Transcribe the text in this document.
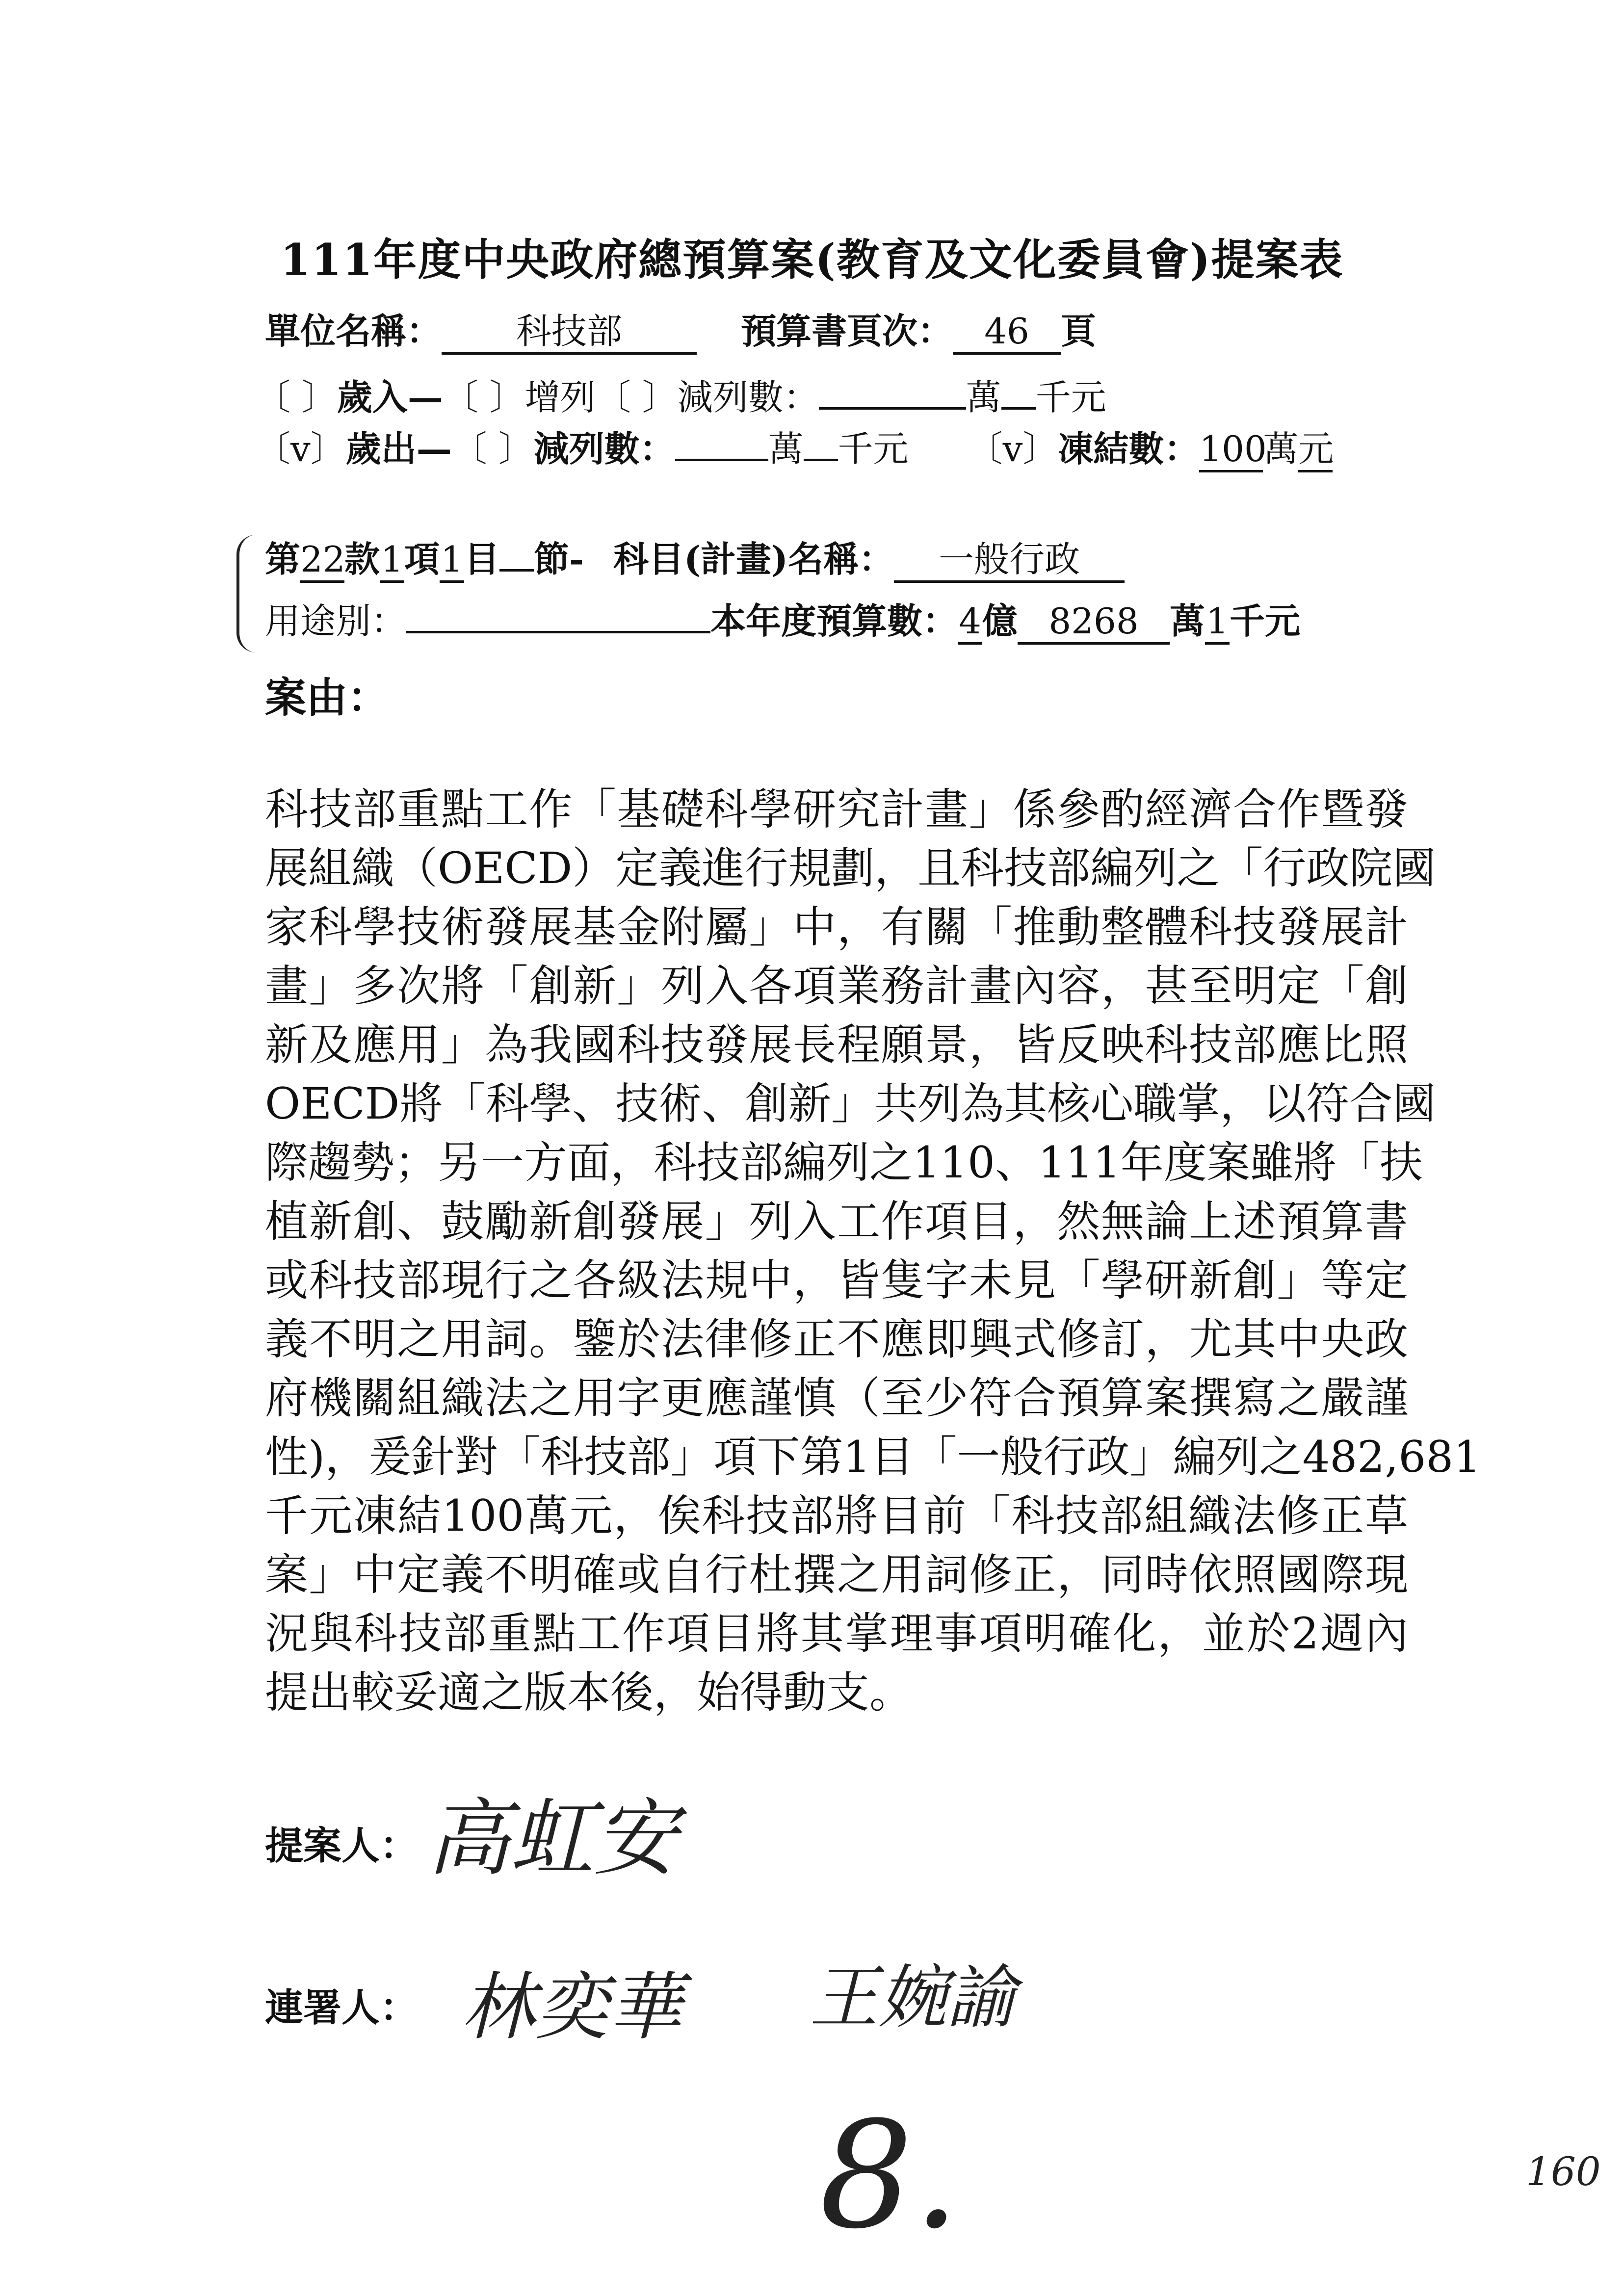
111年度中央政府總預算案(教育及文化委員會)提案表
單位名稱： 科技部	預算書頁次： 46 頁
〔 〕歲入—〔 〕增列〔 〕減列數：	萬 千元
〔v〕歲出—〔 〕減列數：	萬 千元 〔v〕凍結數：100萬元
第22款1項1目 節- 科目(計畫)名稱： 一般行政
用途別：	本年度預算數：4億 8268 萬1千元
案由：
科技部重點工作「基礎科學研究計畫」係參酌經濟合作暨發
展組織（OECD）定義進行規劃，且科技部編列之「行政院國
家科學技術發展基金附屬」中，有關「推動整體科技發展計
畫」多次將「創新」列入各項業務計畫內容，甚至明定「創
新及應用」為我國科技發展長程願景，皆反映科技部應比照
OECD將「科學、技術、創新」共列為其核心職掌，以符合國
際趨勢；另一方面，科技部編列之110、111年度案雖將「扶
植新創、鼓勵新創發展」列入工作項目，然無論上述預算書
或科技部現行之各級法規中，皆隻字未見「學研新創」等定
義不明之用詞。鑒於法律修正不應即興式修訂，尤其中央政
府機關組織法之用字更應謹慎（至少符合預算案撰寫之嚴謹
性)，爰針對「科技部」項下第1目「一般行政」編列之482,681
千元凍結100萬元，俟科技部將目前「科技部組織法修正草
案」中定義不明確或自行杜撰之用詞修正，同時依照國際現
況與科技部重點工作項目將其掌理事項明確化，並於2週內
提出較妥適之版本後，始得動支。
提案人： 高虹安
連署人： 林奕華 王婉諭
8.	160
